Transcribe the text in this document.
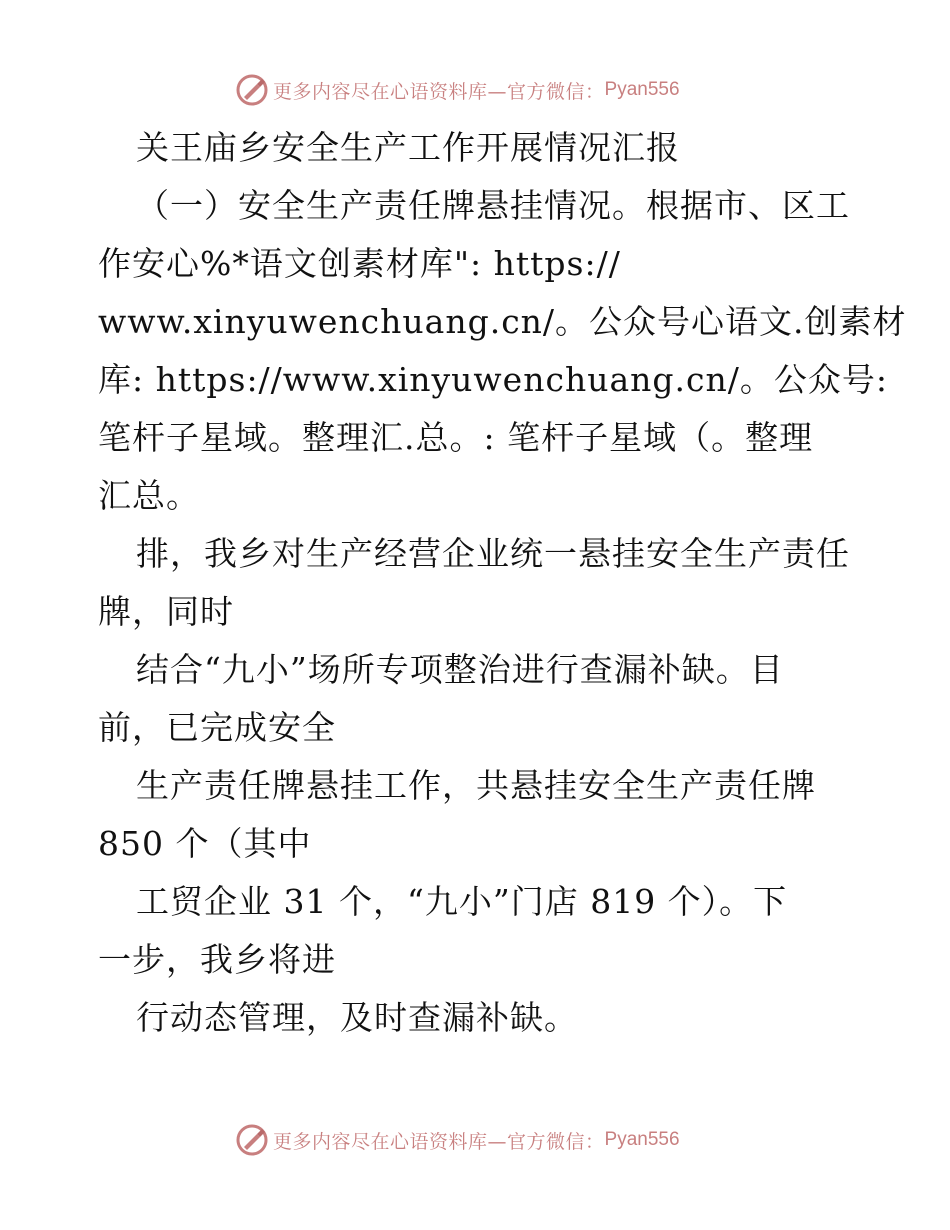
更多内容尽在心语资料库—官方微信： Pyan556
关王庙乡安全生产工作开展情况汇报
（一）安全生产责任牌悬挂情况。根据市、区工
作安心%*语文创素材库": https://
www.xinyuwenchuang.cn/。公众号心语文.创素材
库: https://www.xinyuwenchuang.cn/。公众号:
笔杆子星域。整理汇.总。: 笔杆子星域（。整理
汇总。
排，我乡对生产经营企业统一悬挂安全生产责任
牌，同时
结合“九小”场所专项整治进行查漏补缺。目
前，已完成安全
生产责任牌悬挂工作，共悬挂安全生产责任牌
850 个（其中
工贸企业 31 个，“九小”门店 819 个）。下
一步，我乡将进
行动态管理，及时查漏补缺。
更多内容尽在心语资料库—官方微信： Pyan556
